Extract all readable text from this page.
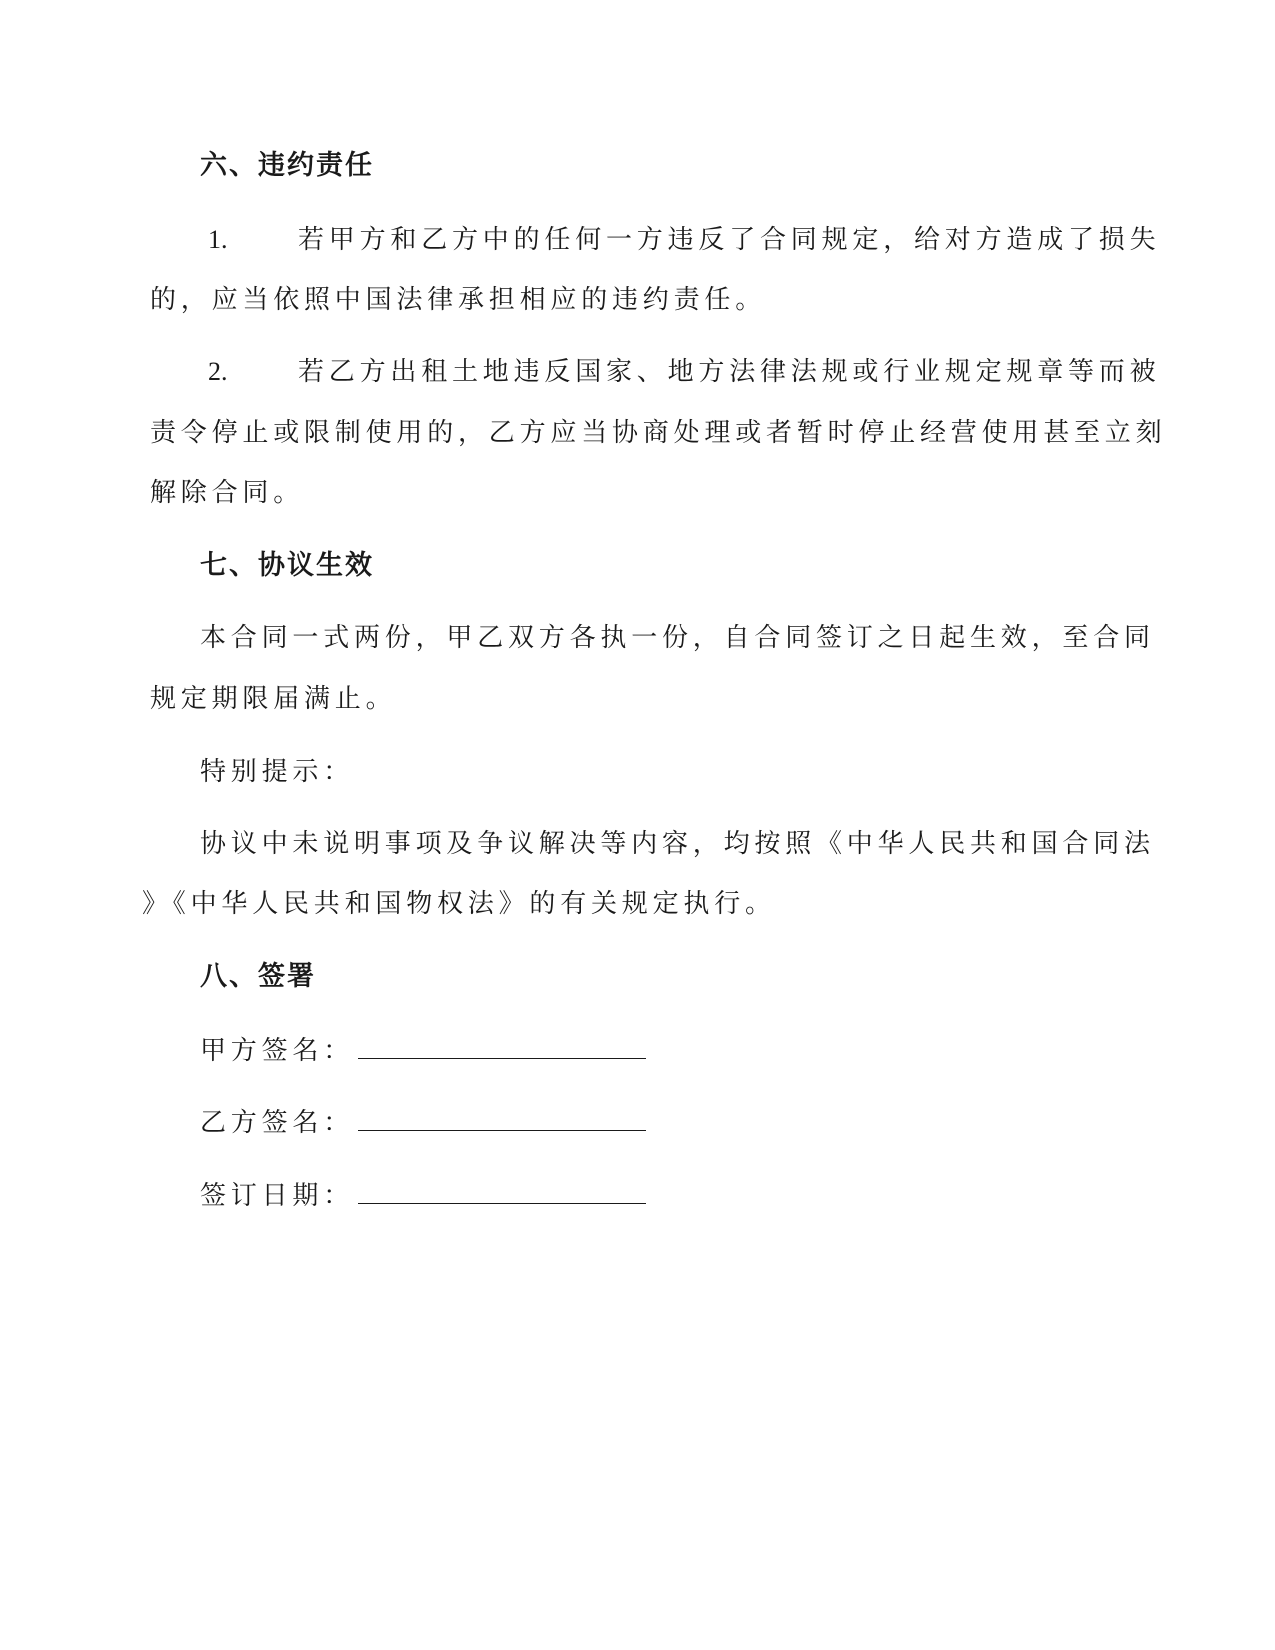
六、违约责任
1.	若甲方和乙方中的任何一方违反了合同规定，给对方造成了损失
的，应当依照中国法律承担相应的违约责任。
2.	若乙方出租土地违反国家、地方法律法规或行业规定规章等而被
责令停止或限制使用的，乙方应当协商处理或者暂时停止经营使用甚至立刻
解除合同。
七、协议生效
本合同一式两份，甲乙双方各执一份，自合同签订之日起生效，至合同
规定期限届满止。
特别提示：
协议中未说明事项及争议解决等内容，均按照《中华人民共和国合同法
》《中华人民共和国物权法》的有关规定执行。
八、签署
甲方签名：
乙方签名：
签订日期：
